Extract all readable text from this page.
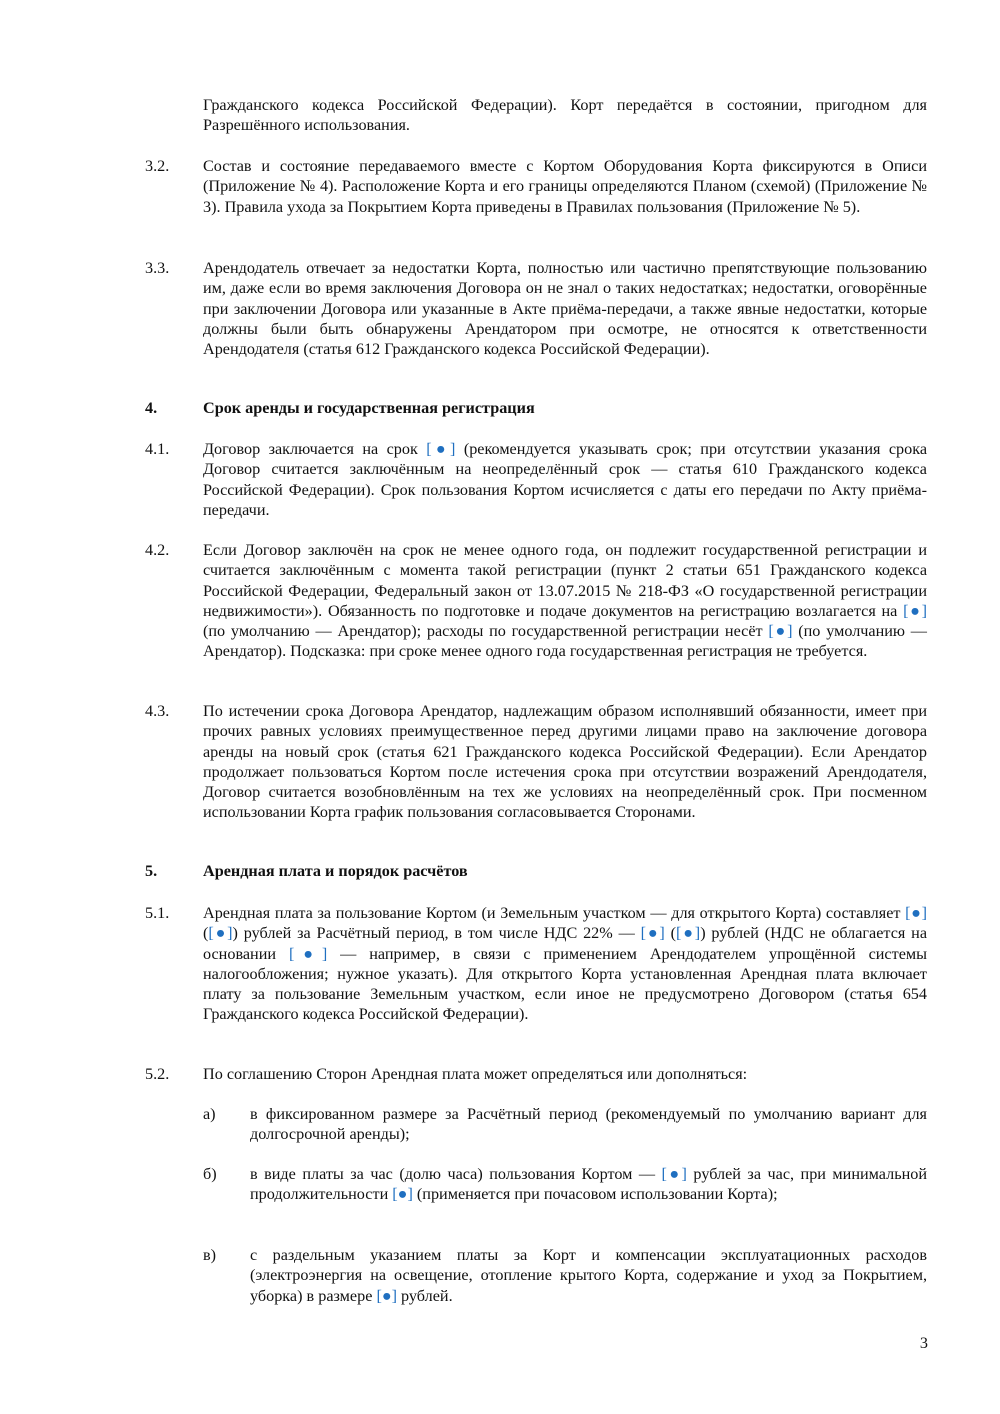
Гражданского кодекса Российской Федерации). Корт передаётся в состоянии, пригодном для Разрешённого использования.
3.2. Состав и состояние передаваемого вместе с Кортом Оборудования Корта фиксируются в Описи (Приложение № 4). Расположение Корта и его границы определяются Планом (схемой) (Приложение № 3). Правила ухода за Покрытием Корта приведены в Правилах пользования (Приложение № 5).
3.3. Арендодатель отвечает за недостатки Корта, полностью или частично препятствующие пользованию им, даже если во время заключения Договора он не знал о таких недостатках; недостатки, оговорённые при заключении Договора или указанные в Акте приёма-передачи, а также явные недостатки, которые должны были быть обнаружены Арендатором при осмотре, не относятся к ответственности Арендодателя (статья 612 Гражданского кодекса Российской Федерации).
4.	Срок аренды и государственная регистрация
4.1. Договор заключается на срок [●] (рекомендуется указывать срок; при отсутствии указания срока Договор считается заключённым на неопределённый срок — статья 610 Гражданского кодекса Российской Федерации). Срок пользования Кортом исчисляется с даты его передачи по Акту приёма-передачи.
4.2. Если Договор заключён на срок не менее одного года, он подлежит государственной регистрации и считается заключённым с момента такой регистрации (пункт 2 статьи 651 Гражданского кодекса Российской Федерации, Федеральный закон от 13.07.2015 № 218-ФЗ «О государственной регистрации недвижимости»). Обязанность по подготовке и подаче документов на регистрацию возлагается на [●] (по умолчанию — Арендатор); расходы по государственной регистрации несёт [●] (по умолчанию — Арендатор). Подсказка: при сроке менее одного года государственная регистрация не требуется.
4.3. По истечении срока Договора Арендатор, надлежащим образом исполнявший обязанности, имеет при прочих равных условиях преимущественное перед другими лицами право на заключение договора аренды на новый срок (статья 621 Гражданского кодекса Российской Федерации). Если Арендатор продолжает пользоваться Кортом после истечения срока при отсутствии возражений Арендодателя, Договор считается возобновлённым на тех же условиях на неопределённый срок. При посменном использовании Корта график пользования согласовывается Сторонами.
5.	Арендная плата и порядок расчётов
5.1. Арендная плата за пользование Кортом (и Земельным участком — для открытого Корта) составляет [●] ([●]) рублей за Расчётный период, в том числе НДС 22% — [●] ([●]) рублей (НДС не облагается на основании [●] — например, в связи с применением Арендодателем упрощённой системы налогообложения; нужное указать). Для открытого Корта установленная Арендная плата включает плату за пользование Земельным участком, если иное не предусмотрено Договором (статья 654 Гражданского кодекса Российской Федерации).
5.2. По соглашению Сторон Арендная плата может определяться или дополняться:
а) в фиксированном размере за Расчётный период (рекомендуемый по умолчанию вариант для долгосрочной аренды);
б) в виде платы за час (долю часа) пользования Кортом — [●] рублей за час, при минимальной продолжительности [●] (применяется при почасовом использовании Корта);
в) с раздельным указанием платы за Корт и компенсации эксплуатационных расходов (электроэнергия на освещение, отопление крытого Корта, содержание и уход за Покрытием, уборка) в размере [●] рублей.
3
